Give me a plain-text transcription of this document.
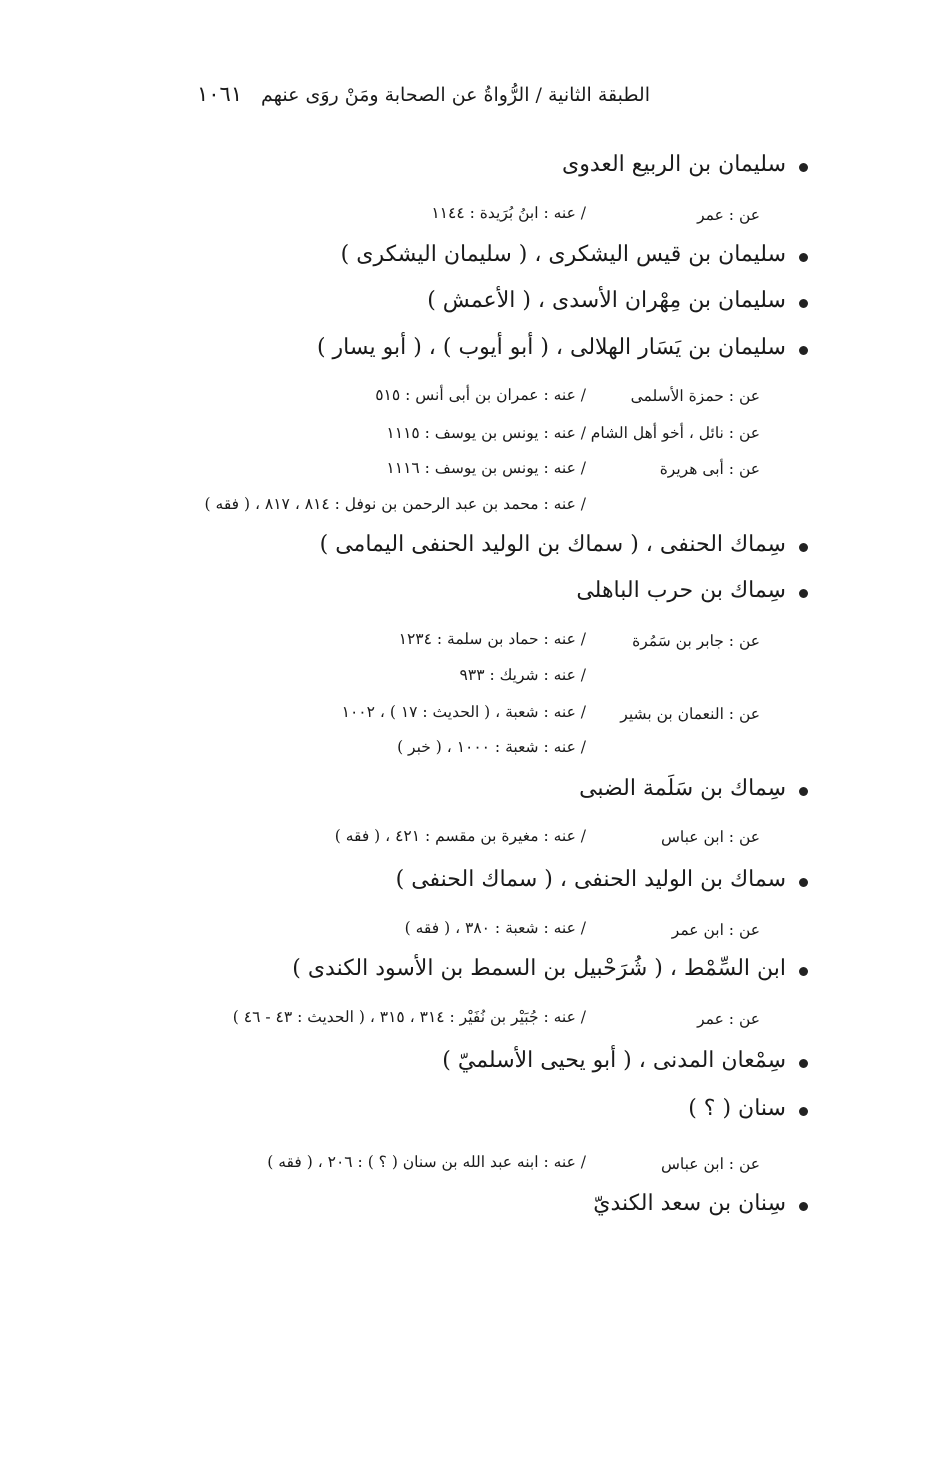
الطبقة الثانية / الرُّواةُ عن الصحابة ومَنْ روَى عنهم
١٠٦١
سليمان بن الربيع العدوى
عن : عمر
/ عنه : ابنُ بُرَيدة : ١١٤٤
سليمان بن قيس اليشكرى ، ( سليمان اليشكرى )
سليمان بن مِهْران الأسدى ، ( الأعمش )
سليمان بن يَسَار الهلالى ، ( أبو أيوب ) ، ( أبو يسار )
عن : حمزة الأسلمى
/ عنه : عمران بن أبى أنس : ٥١٥
عن : نائل ، أخو أهل الشام
/ عنه : يونس بن يوسف : ١١١٥
عن : أبى هريرة
/ عنه : يونس بن يوسف : ١١١٦
/ عنه : محمد بن عبد الرحمن بن نوفل : ٨١٤ ، ٨١٧ ، ( فقه )
سِماك الحنفى ، ( سماك بن الوليد الحنفى اليمامى )
سِماك بن حرب الباهلى
عن : جابر بن سَمُرة
/ عنه : حماد بن سلمة : ١٢٣٤
/ عنه : شريك : ٩٣٣
عن : النعمان بن بشير
/ عنه : شعبة ، ( الحديث : ١٧ ) ، ١٠٠٢
/ عنه : شعبة : ١٠٠٠ ، ( خبر )
سِماك بن سَلَمة الضبى
عن : ابن عباس
/ عنه : مغيرة بن مقسم : ٤٢١ ، ( فقه )
سماك بن الوليد الحنفى ، ( سماك الحنفى )
عن : ابن عمر
/ عنه : شعبة : ٣٨٠ ، ( فقه )
ابن السِّمْط ، ( شُرَحْبيل بن السمط بن الأسود الكندى )
عن : عمر
/ عنه : جُبَيْر بن نُفَيْر : ٣١٤ ، ٣١٥ ، ( الحديث : ٤٣ - ٤٦ )
سِمْعان المدنى ، ( أبو يحيى الأسلميّ )
سنان ( ؟ )
عن : ابن عباس
/ عنه : ابنه عبد الله بن سنان ( ؟ ) : ٢٠٦ ، ( فقه )
سِنان بن سعد الكنديّ
